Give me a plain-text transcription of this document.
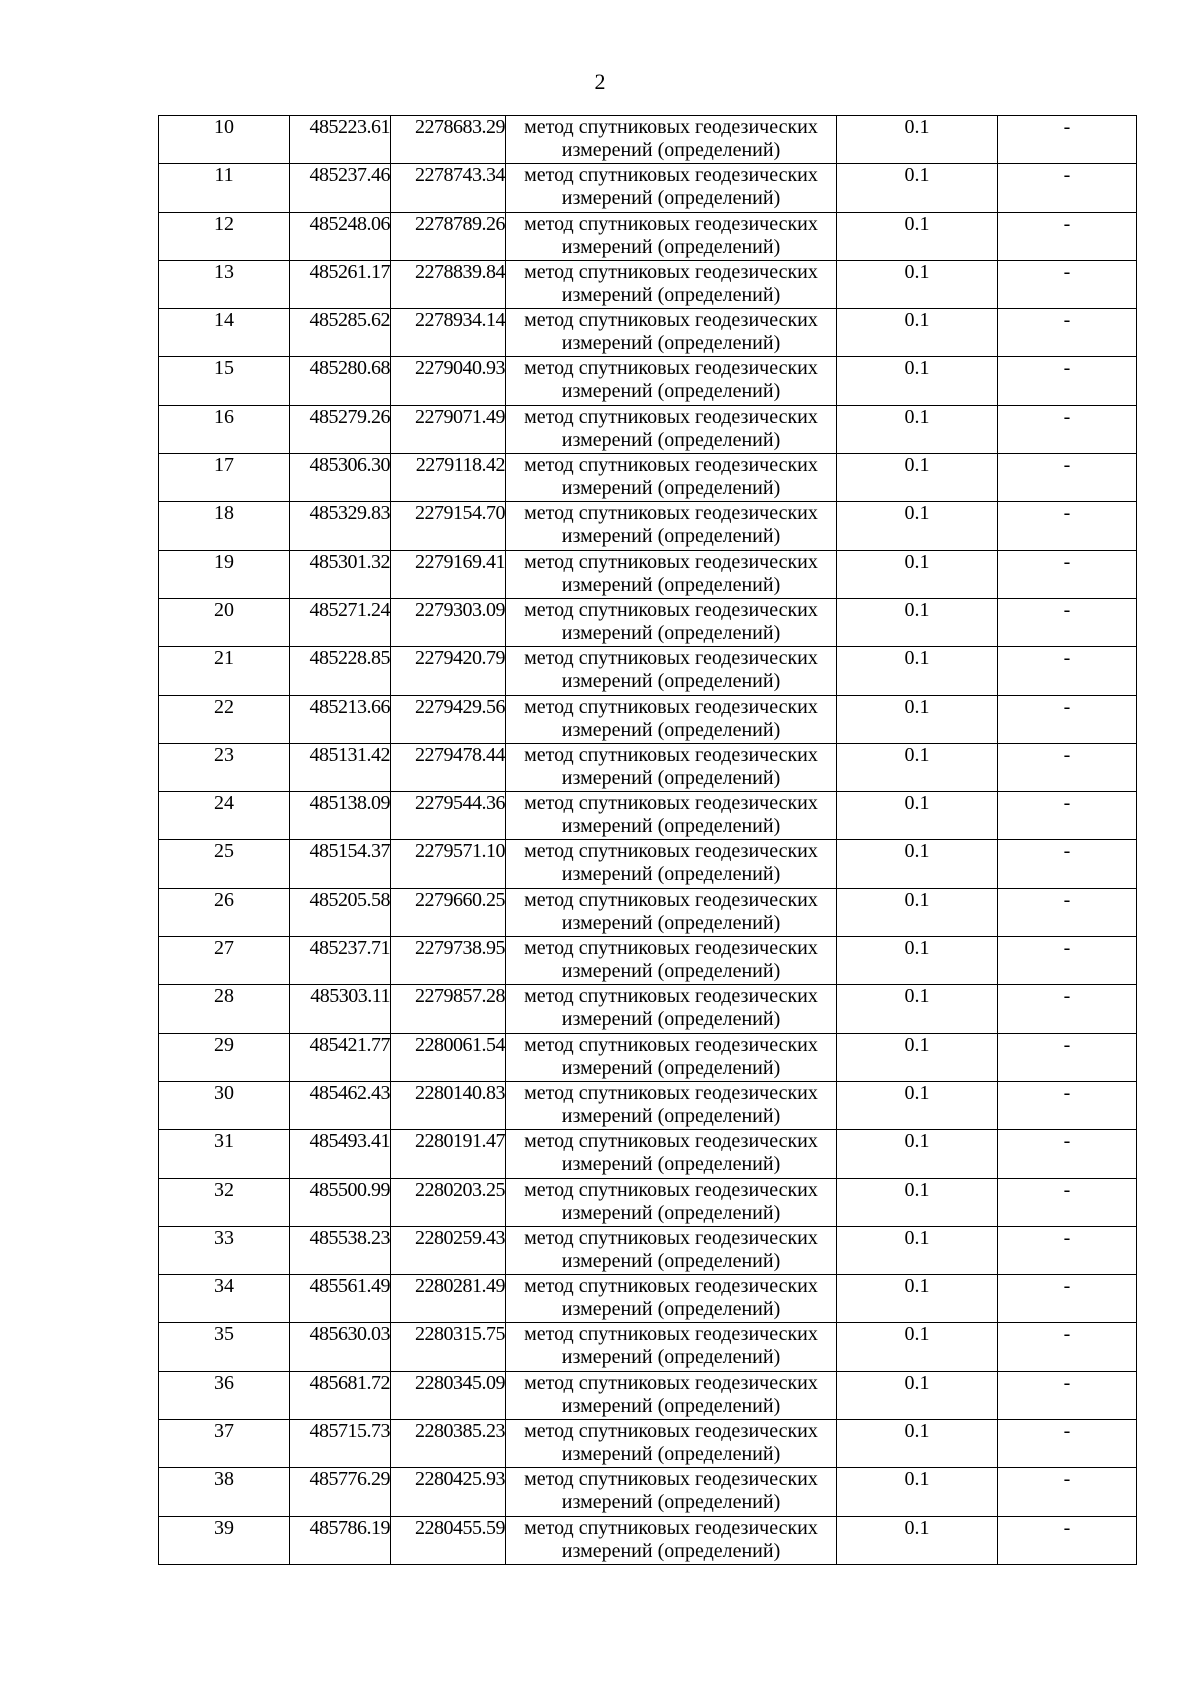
2
10	485223.61	2278683.29	метод спутниковых геодезических измерений (определений)	0.1	-
11	485237.46	2278743.34	метод спутниковых геодезических измерений (определений)	0.1	-
12	485248.06	2278789.26	метод спутниковых геодезических измерений (определений)	0.1	-
13	485261.17	2278839.84	метод спутниковых геодезических измерений (определений)	0.1	-
14	485285.62	2278934.14	метод спутниковых геодезических измерений (определений)	0.1	-
15	485280.68	2279040.93	метод спутниковых геодезических измерений (определений)	0.1	-
16	485279.26	2279071.49	метод спутниковых геодезических измерений (определений)	0.1	-
17	485306.30	2279118.42	метод спутниковых геодезических измерений (определений)	0.1	-
18	485329.83	2279154.70	метод спутниковых геодезических измерений (определений)	0.1	-
19	485301.32	2279169.41	метод спутниковых геодезических измерений (определений)	0.1	-
20	485271.24	2279303.09	метод спутниковых геодезических измерений (определений)	0.1	-
21	485228.85	2279420.79	метод спутниковых геодезических измерений (определений)	0.1	-
22	485213.66	2279429.56	метод спутниковых геодезических измерений (определений)	0.1	-
23	485131.42	2279478.44	метод спутниковых геодезических измерений (определений)	0.1	-
24	485138.09	2279544.36	метод спутниковых геодезических измерений (определений)	0.1	-
25	485154.37	2279571.10	метод спутниковых геодезических измерений (определений)	0.1	-
26	485205.58	2279660.25	метод спутниковых геодезических измерений (определений)	0.1	-
27	485237.71	2279738.95	метод спутниковых геодезических измерений (определений)	0.1	-
28	485303.11	2279857.28	метод спутниковых геодезических измерений (определений)	0.1	-
29	485421.77	2280061.54	метод спутниковых геодезических измерений (определений)	0.1	-
30	485462.43	2280140.83	метод спутниковых геодезических измерений (определений)	0.1	-
31	485493.41	2280191.47	метод спутниковых геодезических измерений (определений)	0.1	-
32	485500.99	2280203.25	метод спутниковых геодезических измерений (определений)	0.1	-
33	485538.23	2280259.43	метод спутниковых геодезических измерений (определений)	0.1	-
34	485561.49	2280281.49	метод спутниковых геодезических измерений (определений)	0.1	-
35	485630.03	2280315.75	метод спутниковых геодезических измерений (определений)	0.1	-
36	485681.72	2280345.09	метод спутниковых геодезических измерений (определений)	0.1	-
37	485715.73	2280385.23	метод спутниковых геодезических измерений (определений)	0.1	-
38	485776.29	2280425.93	метод спутниковых геодезических измерений (определений)	0.1	-
39	485786.19	2280455.59	метод спутниковых геодезических измерений (определений)	0.1	-
